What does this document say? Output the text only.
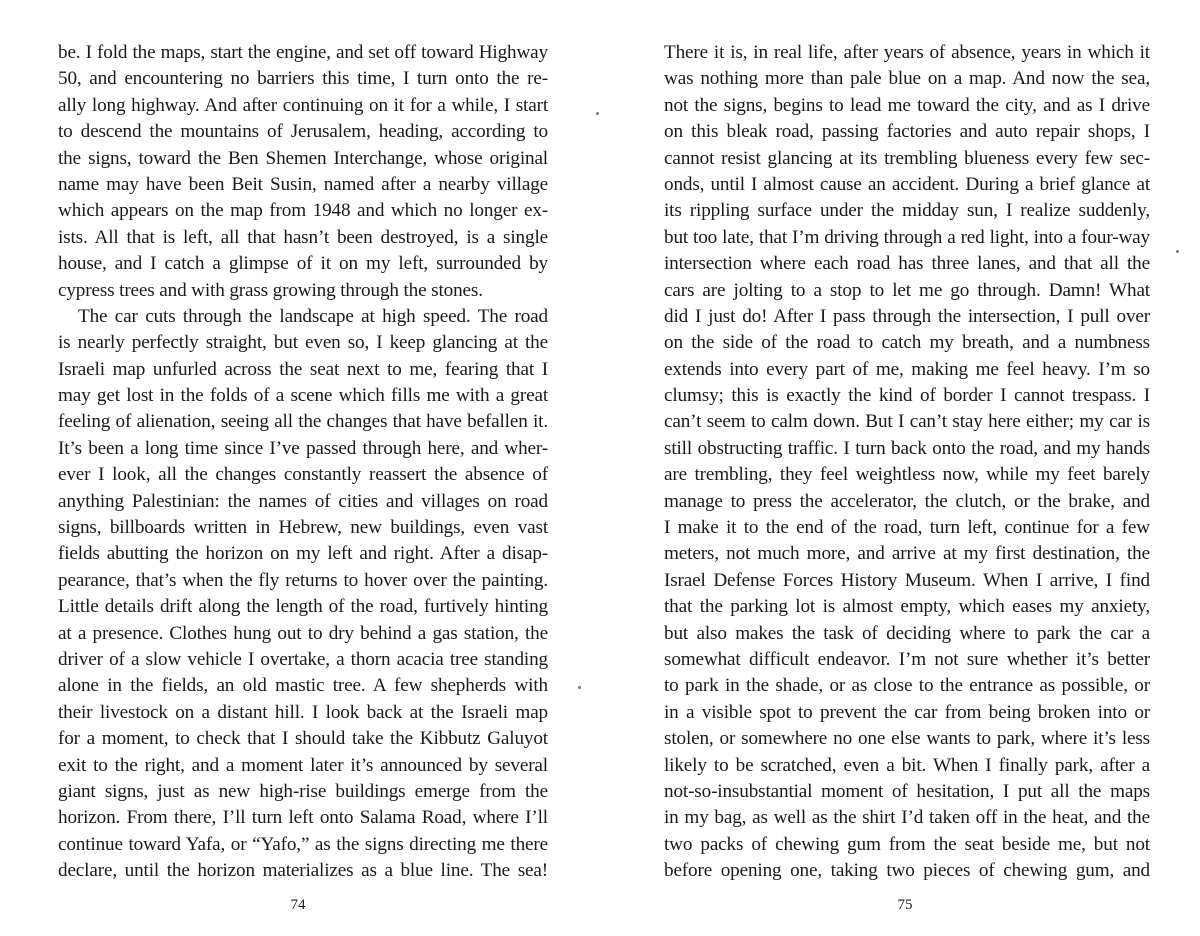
be. I fold the maps, start the engine, and set off toward Highway
50, and encountering no barriers this time, I turn onto the re-
ally long highway. And after continuing on it for a while, I start
to descend the mountains of Jerusalem, heading, according to
the signs, toward the Ben Shemen Interchange, whose original
name may have been Beit Susin, named after a nearby village
which appears on the map from 1948 and which no longer ex-
ists. All that is left, all that hasn’t been destroyed, is a single
house, and I catch a glimpse of it on my left, surrounded by
cypress trees and with grass growing through the stones.
The car cuts through the landscape at high speed. The road
is nearly perfectly straight, but even so, I keep glancing at the
Israeli map unfurled across the seat next to me, fearing that I
may get lost in the folds of a scene which fills me with a great
feeling of alienation, seeing all the changes that have befallen it.
It’s been a long time since I’ve passed through here, and wher-
ever I look, all the changes constantly reassert the absence of
anything Palestinian: the names of cities and villages on road
signs, billboards written in Hebrew, new buildings, even vast
fields abutting the horizon on my left and right. After a disap-
pearance, that’s when the fly returns to hover over the painting.
Little details drift along the length of the road, furtively hinting
at a presence. Clothes hung out to dry behind a gas station, the
driver of a slow vehicle I overtake, a thorn acacia tree standing
alone in the fields, an old mastic tree. A few shepherds with
their livestock on a distant hill. I look back at the Israeli map
for a moment, to check that I should take the Kibbutz Galuyot
exit to the right, and a moment later it’s announced by several
giant signs, just as new high-rise buildings emerge from the
horizon. From there, I’ll turn left onto Salama Road, where I’ll
continue toward Yafa, or “Yafo,” as the signs directing me there
declare, until the horizon materializes as a blue line. The sea!
There it is, in real life, after years of absence, years in which it
was nothing more than pale blue on a map. And now the sea,
not the signs, begins to lead me toward the city, and as I drive
on this bleak road, passing factories and auto repair shops, I
cannot resist glancing at its trembling blueness every few sec-
onds, until I almost cause an accident. During a brief glance at
its rippling surface under the midday sun, I realize suddenly,
but too late, that I’m driving through a red light, into a four-way
intersection where each road has three lanes, and that all the
cars are jolting to a stop to let me go through. Damn! What
did I just do! After I pass through the intersection, I pull over
on the side of the road to catch my breath, and a numbness
extends into every part of me, making me feel heavy. I’m so
clumsy; this is exactly the kind of border I cannot trespass. I
can’t seem to calm down. But I can’t stay here either; my car is
still obstructing traffic. I turn back onto the road, and my hands
are trembling, they feel weightless now, while my feet barely
manage to press the accelerator, the clutch, or the brake, and
I make it to the end of the road, turn left, continue for a few
meters, not much more, and arrive at my first destination, the
Israel Defense Forces History Museum. When I arrive, I find
that the parking lot is almost empty, which eases my anxiety,
but also makes the task of deciding where to park the car a
somewhat difficult endeavor. I’m not sure whether it’s better
to park in the shade, or as close to the entrance as possible, or
in a visible spot to prevent the car from being broken into or
stolen, or somewhere no one else wants to park, where it’s less
likely to be scratched, even a bit. When I finally park, after a
not-so-insubstantial moment of hesitation, I put all the maps
in my bag, as well as the shirt I’d taken off in the heat, and the
two packs of chewing gum from the seat beside me, but not
before opening one, taking two pieces of chewing gum, and
74	75
